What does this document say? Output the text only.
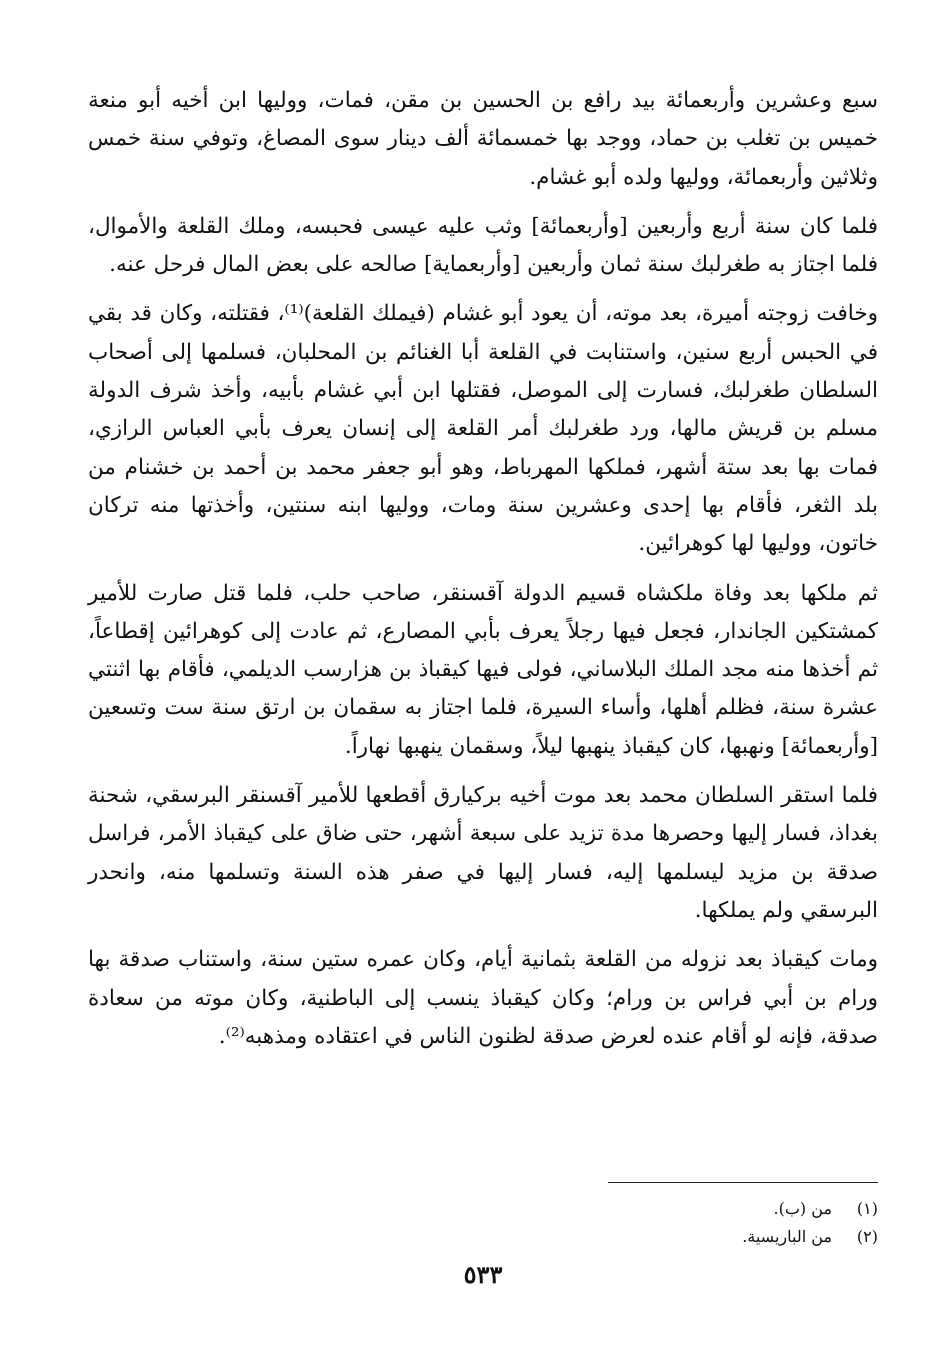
سبع وعشرين وأربعمائة بيد رافع بن الحسين بن مقن، فمات، ووليها ابن أخيه أبو منعة خميس بن تغلب بن حماد، ووجد بها خمسمائة ألف دينار سوى المصاغ، وتوفي سنة خمس وثلاثين وأربعمائة، ووليها ولده أبو غشام.

فلما كان سنة أربع وأربعين [وأربعمائة] وثب عليه عيسى فحبسه، وملك القلعة والأموال، فلما اجتاز به طغرلبك سنة ثمان وأربعين [وأربعماية] صالحه على بعض المال فرحل عنه.

وخافت زوجته أميرة، بعد موته، أن يعود أبو غشام (فيملك القلعة)⁽¹⁾، فقتلته، وكان قد بقي في الحبس أربع سنين، واستنابت في القلعة أبا الغنائم بن المحلبان، فسلمها إلى أصحاب السلطان طغرلبك، فسارت إلى الموصل، فقتلها ابن أبي غشام بأبيه، وأخذ شرف الدولة مسلم بن قريش مالها، ورد طغرلبك أمر القلعة إلى إنسان يعرف بأبي العباس الرازي، فمات بها بعد ستة أشهر، فملكها المهرباط، وهو أبو جعفر محمد بن أحمد بن خشنام من بلد الثغر، فأقام بها إحدى وعشرين سنة ومات، ووليها ابنه سنتين، وأخذتها منه تركان خاتون، ووليها لها كوهرائين.

ثم ملكها بعد وفاة ملكشاه قسيم الدولة آقسنقر، صاحب حلب، فلما قتل صارت للأمير كمشتكين الجاندار، فجعل فيها رجلاً يعرف بأبي المصارع، ثم عادت إلى كوهرائين إقطاعاً، ثم أخذها منه مجد الملك البلاساني، فولى فيها كيقباذ بن هزارسب الديلمي، فأقام بها اثنتي عشرة سنة، فظلم أهلها، وأساء السيرة، فلما اجتاز به سقمان بن ارتق سنة ست وتسعين [وأربعمائة] ونهبها، كان كيقباذ ينهبها ليلاً، وسقمان ينهبها نهاراً.

فلما استقر السلطان محمد بعد موت أخيه بركيارق أقطعها للأمير آقسنقر البرسقي، شحنة بغداذ، فسار إليها وحصرها مدة تزيد على سبعة أشهر، حتى ضاق على كيقباذ الأمر، فراسل صدقة بن مزيد ليسلمها إليه، فسار إليها في صفر هذه السنة وتسلمها منه، وانحدر البرسقي ولم يملكها.

ومات كيقباذ بعد نزوله من القلعة بثمانية أيام، وكان عمره ستين سنة، واستناب صدقة بها ورام بن أبي فراس بن ورام؛ وكان كيقباذ ينسب إلى الباطنية، وكان موته من سعادة صدقة، فإنه لو أقام عنده لعرض صدقة لظنون الناس في اعتقاده ومذهبه⁽²⁾.

(١)
من (ب).
(٢)
من الباريسية.
٥٣٣
